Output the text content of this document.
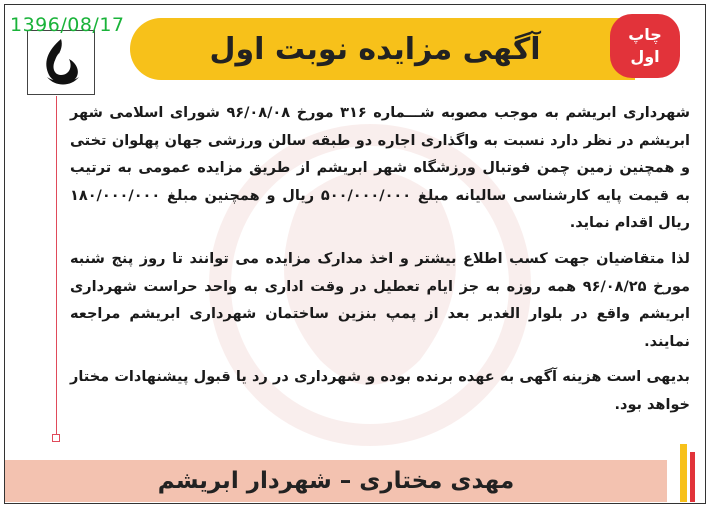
1396/08/17
آگهی مزایده نوبت اول	چاپ
اول

شهرداری ابریشم به موجب مصوبه شـــماره ۳۱۶ مورخ ۹۶/۰۸/۰۸ شورای اسلامی شهر ابریشم در نظر دارد نسبت به واگذاری اجاره دو طبقه سالن ورزشی جهان پهلوان تختی و همچنین زمین چمن فوتبال ورزشگاه شهر ابریشم از طریق مزایده عمومی به ترتیب به قیمت پایه کارشناسی سالیانه مبلغ ۵۰۰/۰۰۰/۰۰۰ ریال و همچنین مبلغ ۱۸۰/۰۰۰/۰۰۰ ریال اقدام نماید.

لذا متقاضیان جهت کسب اطلاع بیشتر و اخذ مدارک مزایده می توانند تا روز پنج شنبه مورخ ۹۶/۰۸/۲۵ همه روزه به جز ایام تعطیل در وقت اداری به واحد حراست شهرداری ابریشم واقع در بلوار الغدیر بعد از پمپ بنزین ساختمان شهرداری ابریشم مراجعه نمایند.

بدیهی است هزینه آگهی به عهده برنده بوده و شهرداری در رد یا قبول پیشنهادات مختار خواهد بود.

مهدی مختاری – شهردار ابریشم
